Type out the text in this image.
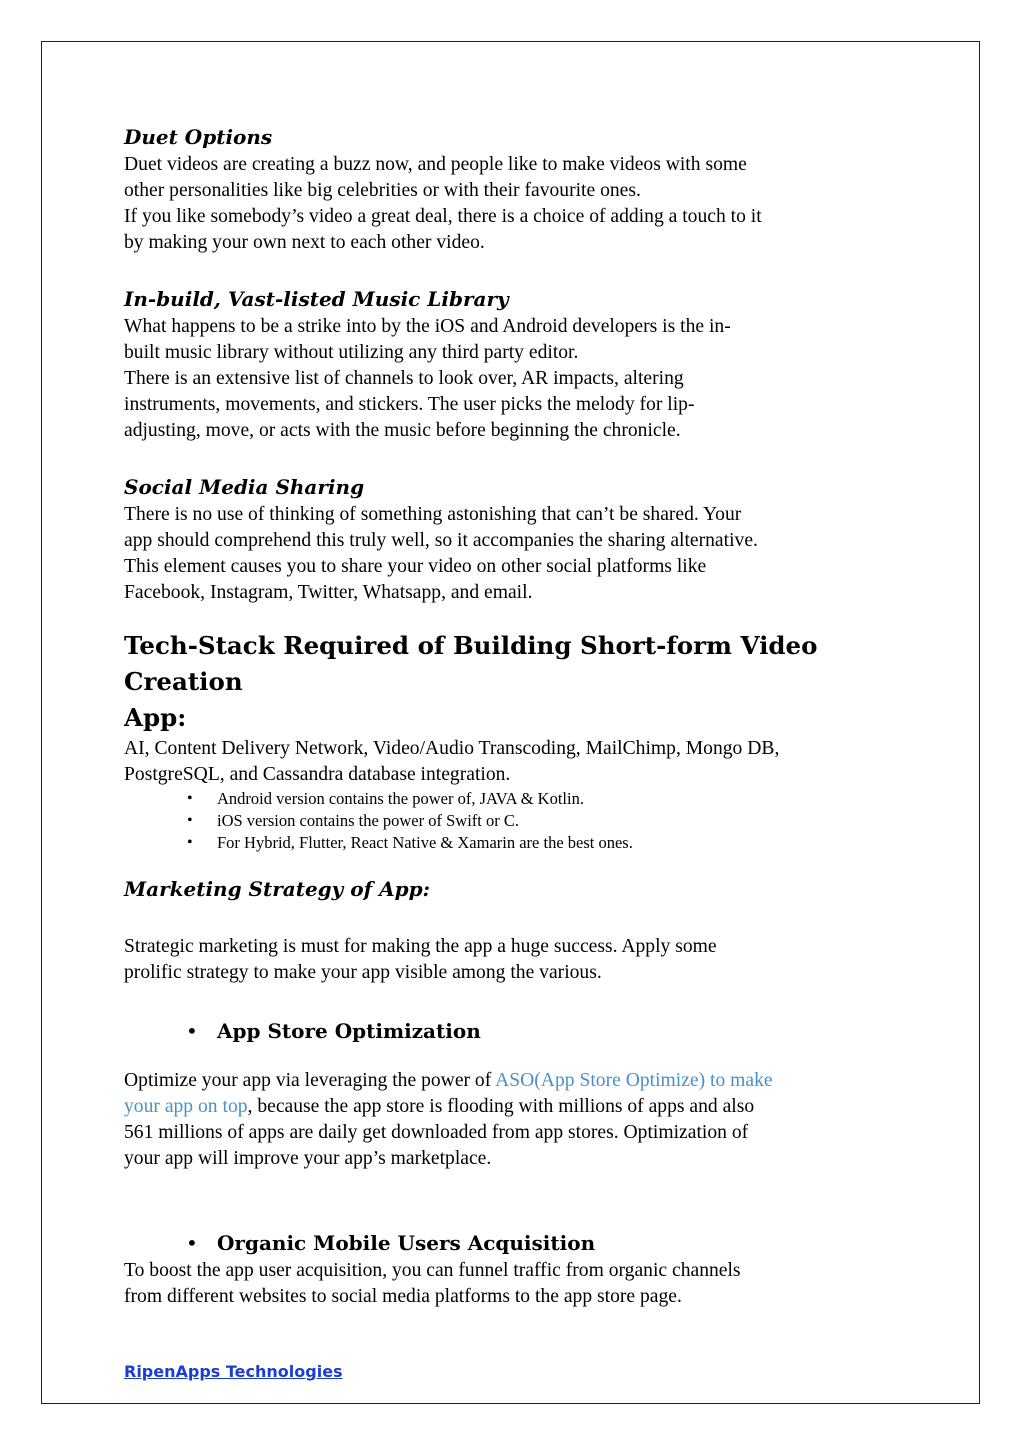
Duet Options

Duet videos are creating a buzz now, and people like to make videos with some

other personalities like big celebrities or with their favourite ones.

If you like somebody’s video a great deal, there is a choice of adding a touch to it

by making your own next to each other video.

In-build, Vast-listed Music Library

What happens to be a strike into by the iOS and Android developers is the in-

built music library without utilizing any third party editor.

There is an extensive list of channels to look over, AR impacts, altering

instruments, movements, and stickers. The user picks the melody for lip-

adjusting, move, or acts with the music before beginning the chronicle.

Social Media Sharing

There is no use of thinking of something astonishing that can’t be shared. Your

app should comprehend this truly well, so it accompanies the sharing alternative.

This element causes you to share your video on other social platforms like

Facebook, Instagram, Twitter, Whatsapp, and email.

Tech-Stack Required of Building Short-form Video Creation
App:

AI, Content Delivery Network, Video/Audio Transcoding, MailChimp, Mongo DB,

PostgreSQL, and Cassandra database integration.

• Android version contains the power of, JAVA & Kotlin.
• iOS version contains the power of Swift or C.
• For Hybrid, Flutter, React Native & Xamarin are the best ones.
Marketing Strategy of App:

Strategic marketing is must for making the app a huge success. Apply some

prolific strategy to make your app visible among the various.

• App Store Optimization

Optimize your app via leveraging the power of ASO(App Store Optimize) to make

your app on top, because the app store is flooding with millions of apps and also

561 millions of apps are daily get downloaded from app stores. Optimization of

your app will improve your app’s marketplace.

• Organic Mobile Users Acquisition

To boost the app user acquisition, you can funnel traffic from organic channels

from different websites to social media platforms to the app store page.

RipenApps Technologies
